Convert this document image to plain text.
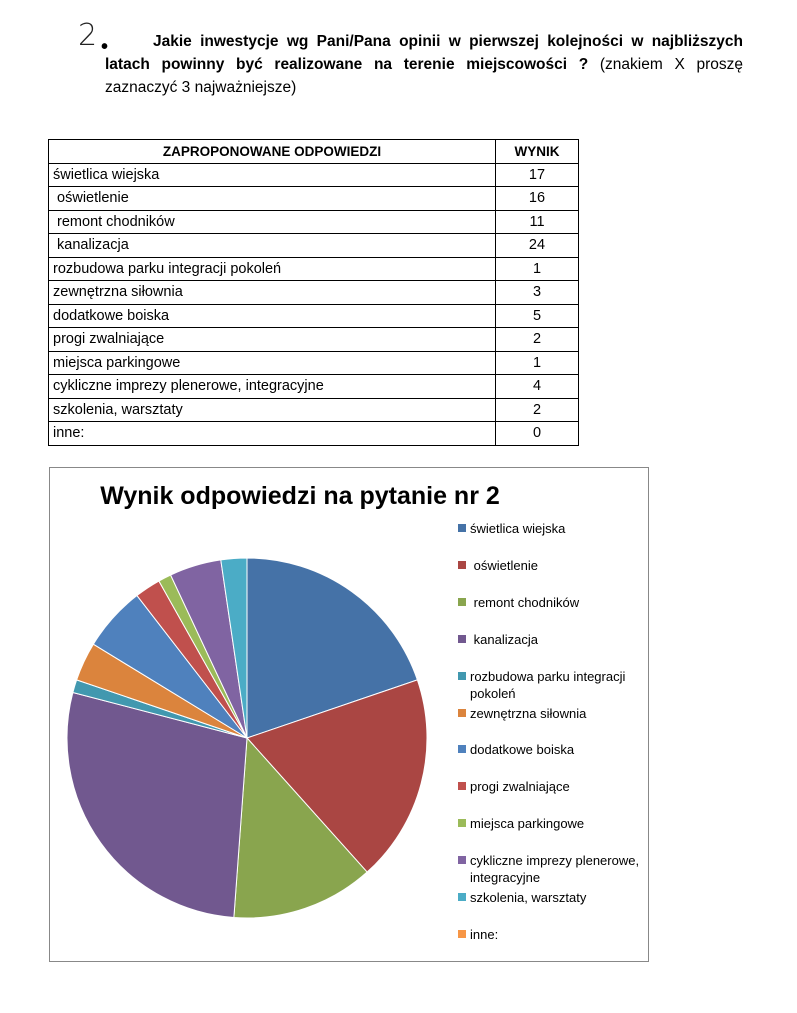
2 •	Jakie inwestycje wg Pani/Pana opinii w pierwszej kolejności w najbliższych latach powinny być realizowane na terenie miejscowości ? (znakiem X proszę zaznaczyć 3 najważniejsze)
ZAPROPONOWANE ODPOWIEDZI	WYNIK
świetlica wiejska	17
oświetlenie	16
remont chodników	11
kanalizacja	24
rozbudowa parku integracji pokoleń	1
zewnętrzna siłownia	3
dodatkowe boiska	5
progi zwalniające	2
miejsca parkingowe	1
cykliczne imprezy plenerowe, integracyjne	4
szkolenia, warsztaty	2
inne:	0
Wynik odpowiedzi na pytanie nr 2
świetlica wiejska
oświetlenie
remont chodników
kanalizacja
rozbudowa parku integracji pokoleń
zewnętrzna siłownia
dodatkowe boiska
progi zwalniające
miejsca parkingowe
cykliczne imprezy plenerowe, integracyjne
szkolenia, warsztaty
inne:
